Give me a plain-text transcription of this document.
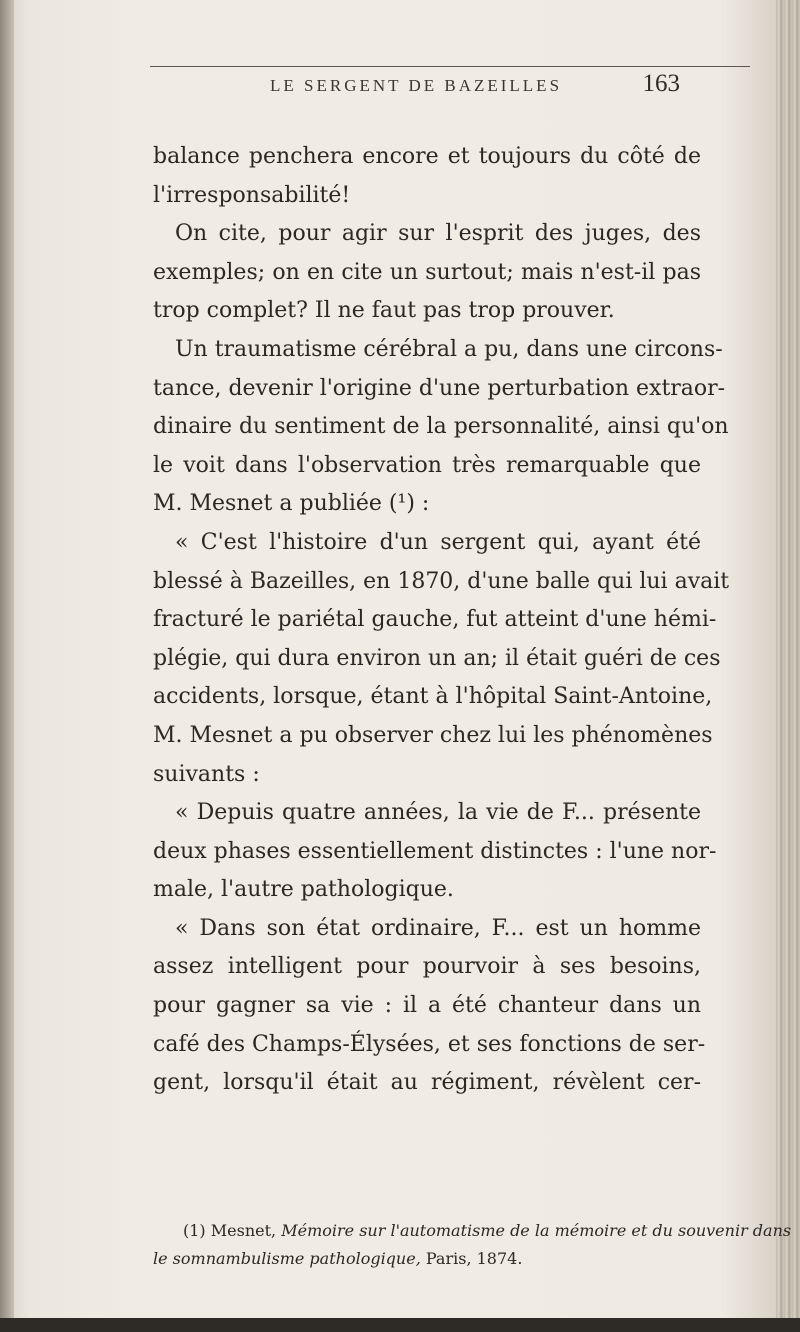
LE SERGENT DE BAZEILLES	163
balance penchera encore et toujours du côté de
l'irresponsabilité!
On cite, pour agir sur l'esprit des juges, des
exemples; on en cite un surtout; mais n'est-il pas
trop complet? Il ne faut pas trop prouver.
Un traumatisme cérébral a pu, dans une circons-
tance, devenir l'origine d'une perturbation extraor-
dinaire du sentiment de la personnalité, ainsi qu'on
le voit dans l'observation très remarquable que
M. Mesnet a publiée (¹) :
« C'est l'histoire d'un sergent qui, ayant été
blessé à Bazeilles, en 1870, d'une balle qui lui avait
fracturé le pariétal gauche, fut atteint d'une hémi-
plégie, qui dura environ un an; il était guéri de ces
accidents, lorsque, étant à l'hôpital Saint-Antoine,
M. Mesnet a pu observer chez lui les phénomènes
suivants :
« Depuis quatre années, la vie de F... présente
deux phases essentiellement distinctes : l'une nor-
male, l'autre pathologique.
« Dans son état ordinaire, F... est un homme
assez intelligent pour pourvoir à ses besoins,
pour gagner sa vie : il a été chanteur dans un
café des Champs-Élysées, et ses fonctions de ser-
gent, lorsqu'il était au régiment, révèlent cer-
(1) Mesnet, Mémoire sur l'automatisme de la mémoire et du souvenir dans
le somnambulisme pathologique, Paris, 1874.
